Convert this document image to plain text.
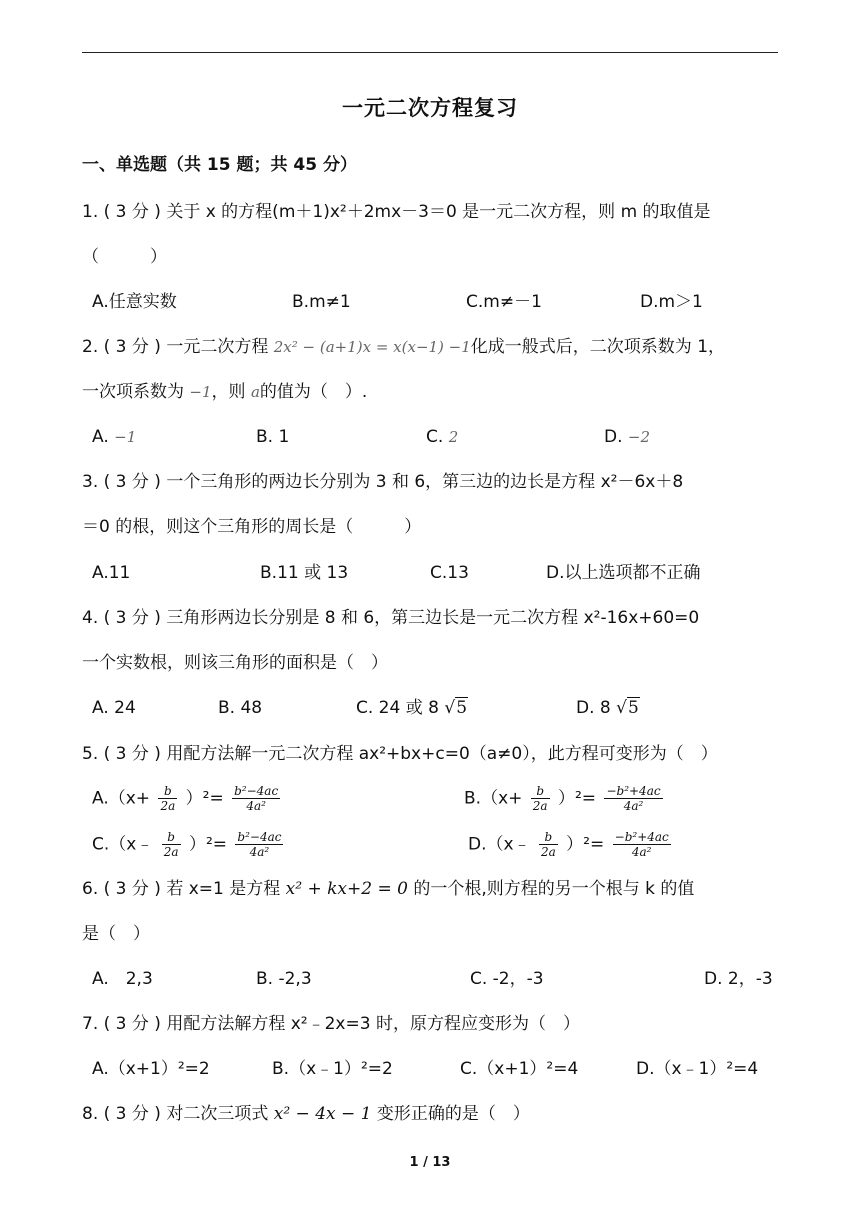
一元二次方程复习
一、单选题（共 15 题；共 45 分）
1. ( 3 分 ) 关于 x 的方程(m＋1)x²＋2mx－3＝0 是一元二次方程，则 m 的取值是
（　　　）
A.任意实数	B.m≠1	C.m≠－1	D.m＞1
2. ( 3 分 ) 一元二次方程 2x² − (a+1)x = x(x−1) −1化成一般式后，二次项系数为 1，
一次项系数为 −1，则 a的值为（　）.
A. −1	B. 1	C. 2	D. −2
3. ( 3 分 ) 一个三角形的两边长分别为 3 和 6，第三边的边长是方程 x²－6x＋8
＝0 的根，则这个三角形的周长是（　　　）
A.11	B.11 或 13	C.13	D.以上选项都不正确
4. ( 3 分 ) 三角形两边长分别是 8 和 6，第三边长是一元二次方程 x²-16x+60=0
一个实数根，则该三角形的面积是（　）
A. 24	B. 48	C. 24 或 8 √5	D. 8 √5
5. ( 3 分 ) 用配方法解一元二次方程 ax²+bx+c=0（a≠0），此方程可变形为（　）
$A.(x+ \frac{b}{2a} )^2= \frac{\text{b²−4ac}}{\text{4a²}}$	$B.(x+ \frac{b}{2a} )^2= \frac{\text{−b²+4ac}}{\text{4a²}}$
C.（x﹣ $\frac{b}{2a} )^2= \frac{\text{b²−4ac}}{\text{4a²}}$	D.（x﹣ $\frac{b}{2a} )^2= \frac{\text{−b²+4ac}}{\text{4a²}}$
6. ( 3 分 ) 若 x=1 是方程 x² + kx+2 = 0 的一个根,则方程的另一个根与 k 的值
是（　）
A.　2,3	B. -2,3	C. -2，-3	D. 2，-3
7. ( 3 分 ) 用配方法解方程 x²﹣2x=3 时，原方程应变形为（　）
A.（x+1）²=2	B.（x﹣1）²=2	C.（x+1）²=4	D.（x﹣1）²=4
8. ( 3 分 ) 对二次三项式 x² − 4x − 1 变形正确的是（　）
1 / 13
